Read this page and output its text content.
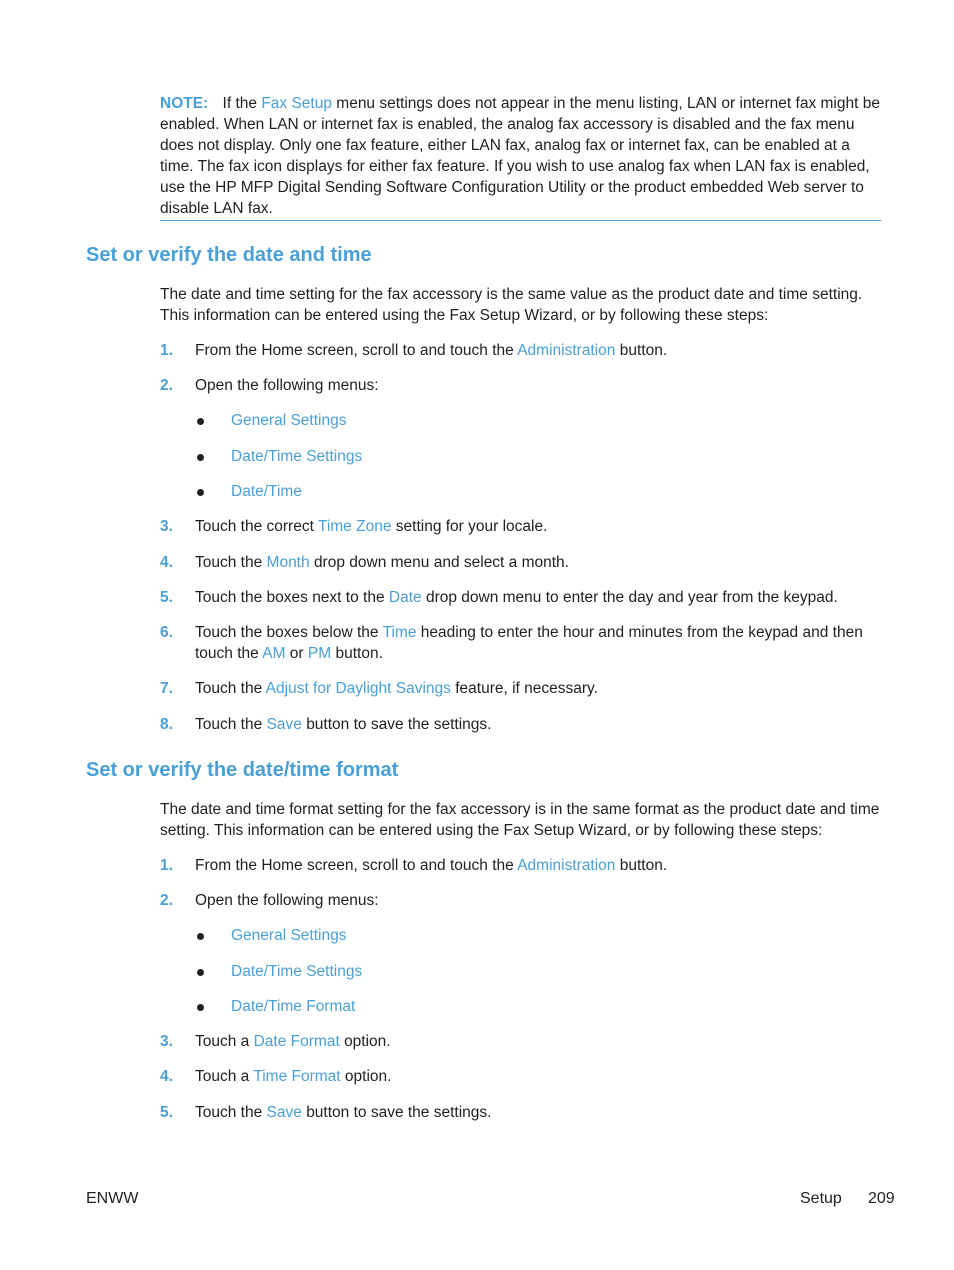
NOTE: If the Fax Setup menu settings does not appear in the menu listing, LAN or internet fax might be enabled. When LAN or internet fax is enabled, the analog fax accessory is disabled and the fax menu does not display. Only one fax feature, either LAN fax, analog fax or internet fax, can be enabled at a time. The fax icon displays for either fax feature. If you wish to use analog fax when LAN fax is enabled, use the HP MFP Digital Sending Software Configuration Utility or the product embedded Web server to disable LAN fax.
Set or verify the date and time

The date and time setting for the fax accessory is the same value as the product date and time setting. This information can be entered using the Fax Setup Wizard, or by following these steps:

1. From the Home screen, scroll to and touch the Administration button.
2. Open the following menus:
General Settings
Date/Time Settings
Date/Time
3. Touch the correct Time Zone setting for your locale.
4. Touch the Month drop down menu and select a month.
5. Touch the boxes next to the Date drop down menu to enter the day and year from the keypad.
6. Touch the boxes below the Time heading to enter the hour and minutes from the keypad and then touch the AM or PM button.
7. Touch the Adjust for Daylight Savings feature, if necessary.
8. Touch the Save button to save the settings.
Set or verify the date/time format

The date and time format setting for the fax accessory is in the same format as the product date and time setting. This information can be entered using the Fax Setup Wizard, or by following these steps:

1. From the Home screen, scroll to and touch the Administration button.
2. Open the following menus:
General Settings
Date/Time Settings
Date/Time Format
3. Touch a Date Format option.
4. Touch a Time Format option.
5. Touch the Save button to save the settings.
ENWW	Setup 209
